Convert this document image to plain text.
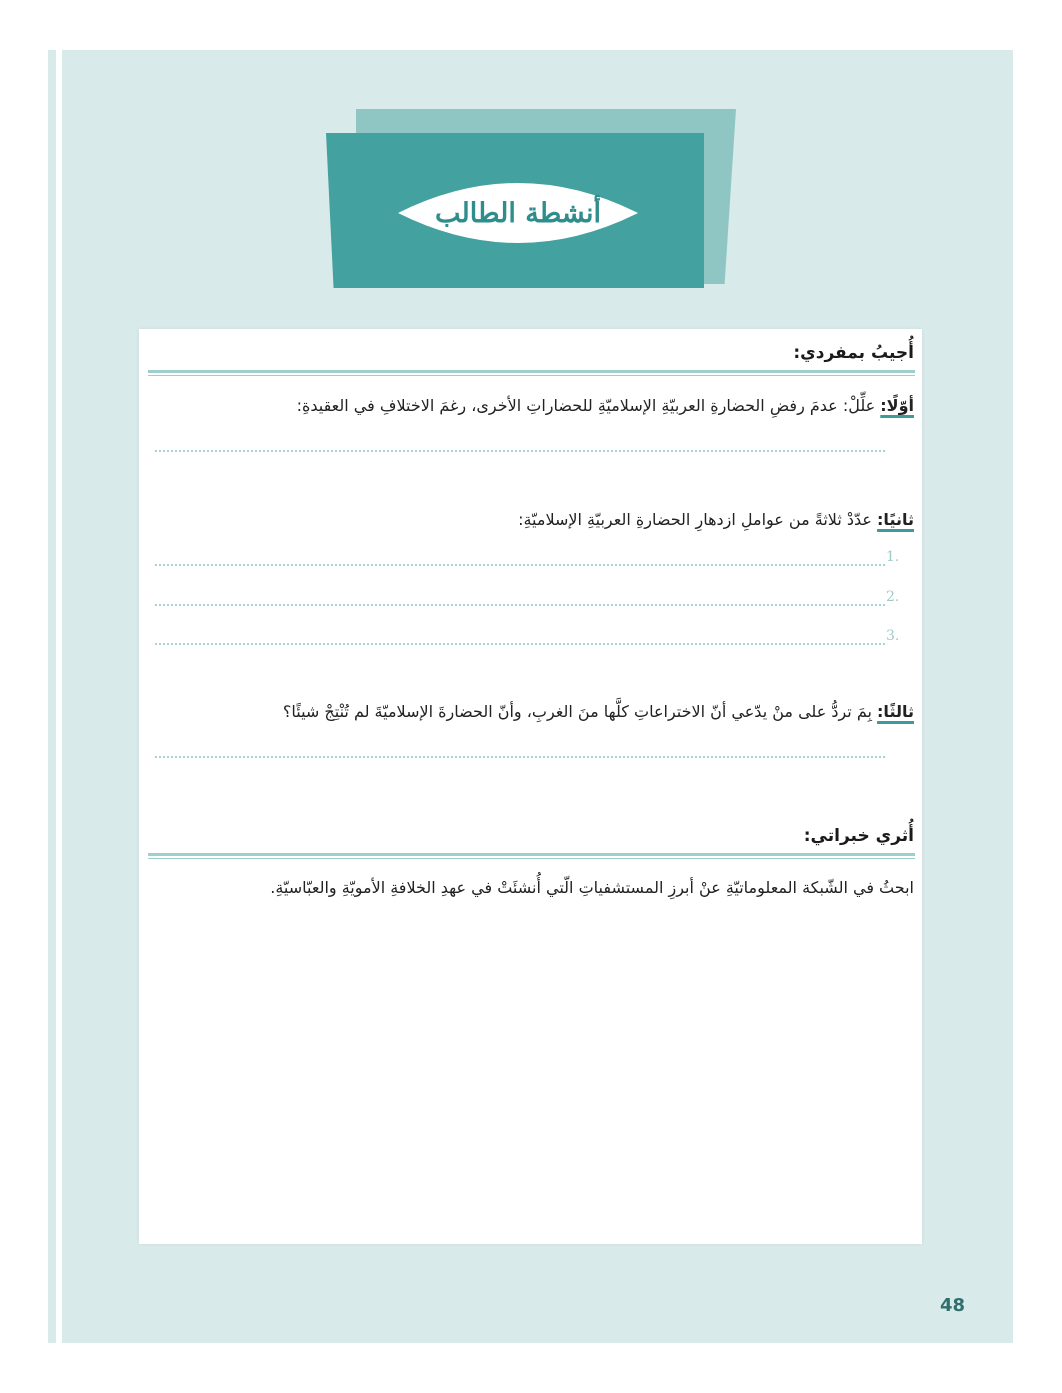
أنشطة الطالب
أُجيبُ بمفردي:
أوّلًا: علِّلْ: عدمَ رفضِ الحضارةِ العربيّةِ الإسلاميّةِ للحضاراتِ الأخرى، رغمَ الاختلافِ في العقيدةِ:
ثانيًا: عدّدْ ثلاثةً من عواملِ ازدهارِ الحضارةِ العربيّةِ الإسلاميّةِ:
1.
2.
3.
ثالثًا: بِمَ تردُّ على منْ يدّعي أنّ الاختراعاتِ كلَّها منَ الغربِ، وأنّ الحضارةَ الإسلاميّةَ لم تُنْتِجْ شيئًا؟
أُثري خبراتي:
ابحثُ في الشّبكة المعلوماتيّةِ عنْ أبرزِ المستشفياتِ الّتي أُنشئَتْ في عهدِ الخلافةِ الأمويّةِ والعبّاسيّةِ.
48
